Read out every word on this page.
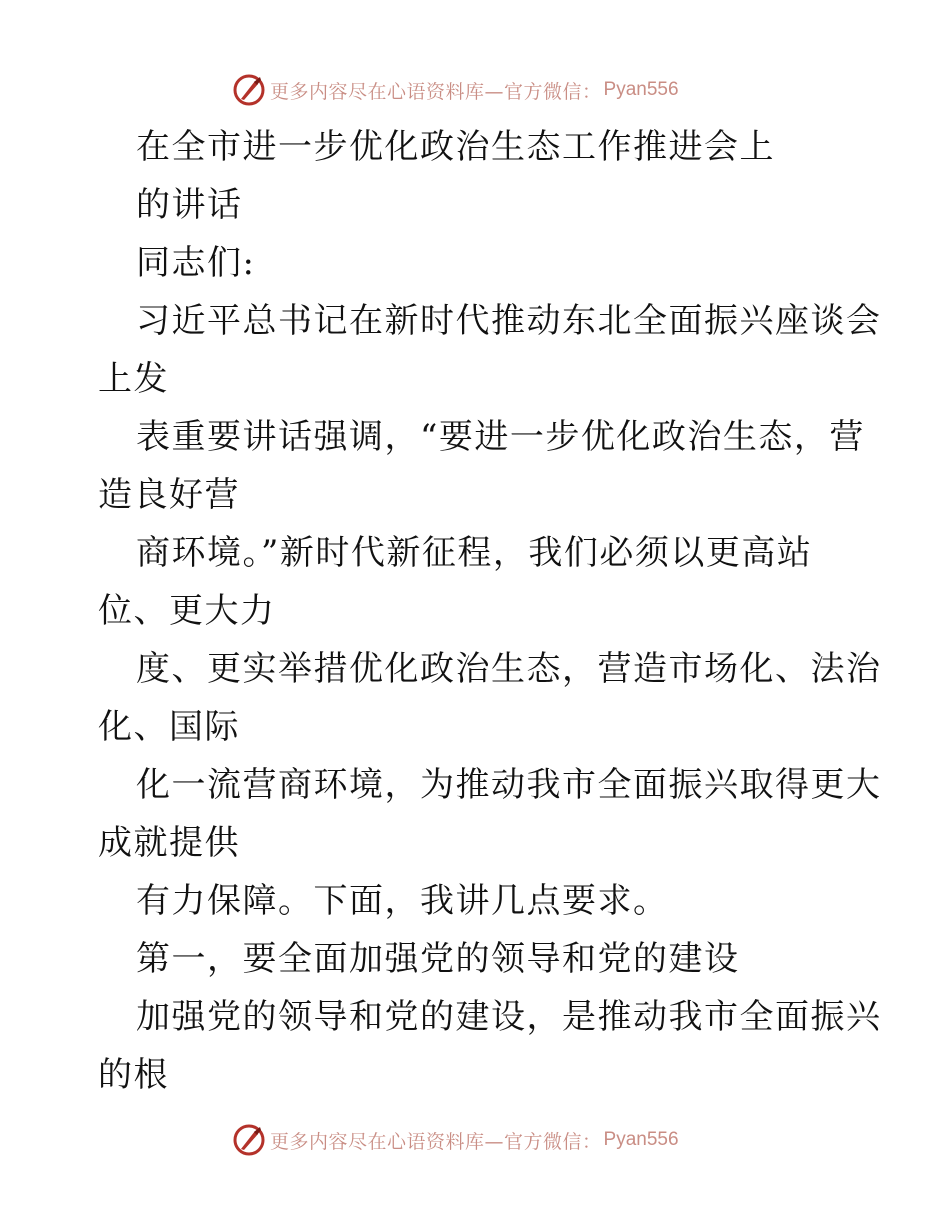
更多内容尽在心语资料库—官方微信： Pyan556
在全市进一步优化政治生态工作推进会上
的讲话
同志们:
习近平总书记在新时代推动东北全面振兴座谈会
上发
表重要讲话强调，“要进一步优化政治生态，营
造良好营
商环境。”新时代新征程，我们必须以更高站
位、更大力
度、更实举措优化政治生态，营造市场化、法治
化、国际
化一流营商环境，为推动我市全面振兴取得更大
成就提供
有力保障。下面，我讲几点要求。
第一，要全面加强党的领导和党的建设
加强党的领导和党的建设，是推动我市全面振兴
的根
更多内容尽在心语资料库—官方微信： Pyan556
